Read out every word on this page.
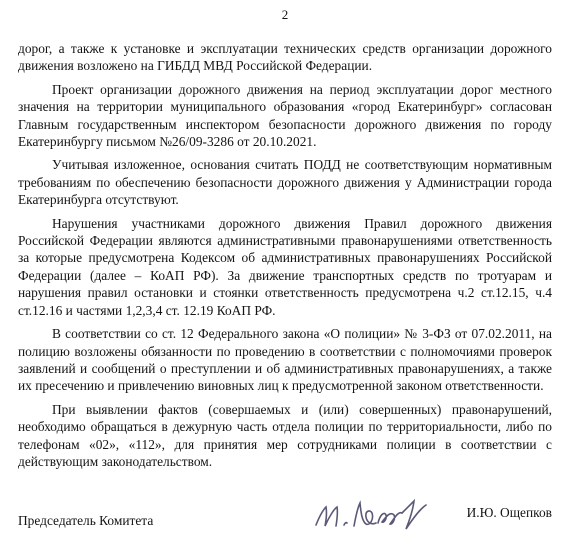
2

дорог, а также к установке и эксплуатации технических средств организации дорожного движения возложено на ГИБДД МВД Российской Федерации.

Проект организации дорожного движения на период эксплуатации дорог местного значения на территории муниципального образования «город Екатеринбург» согласован Главным государственным инспектором безопасности дорожного движения по городу Екатеринбургу письмом №26/09-3286 от 20.10.2021.

Учитывая изложенное, основания считать ПОДД не соответствующим нормативным требованиям по обеспечению безопасности дорожного движения у Администрации города Екатеринбурга отсутствуют.

Нарушения участниками дорожного движения Правил дорожного движения Российской Федерации являются административными правонарушениями ответственность за которые предусмотрена Кодексом об административных правонарушениях Российской Федерации (далее – КоАП РФ). За движение транспортных средств по тротуарам и нарушения правил остановки и стоянки ответственность предусмотрена ч.2 ст.12.15, ч.4 ст.12.16 и частями 1,2,3,4 ст. 12.19 КоАП РФ.

В соответствии со ст. 12 Федерального закона «О полиции» № 3-ФЗ от 07.02.2011, на полицию возложены обязанности по проведению в соответствии с полномочиями проверок заявлений и сообщений о преступлении и об административных правонарушениях, а также их пресечению и привлечению виновных лиц к предусмотренной законом ответственности.

При выявлении фактов (совершаемых и (или) совершенных) правонарушений, необходимо обращаться в дежурную часть отдела полиции по территориальности, либо по телефонам «02», «112», для принятия мер сотрудниками полиции в соответствии с действующим законодательством.

Председатель Комитета
И.Ю. Ощепков
